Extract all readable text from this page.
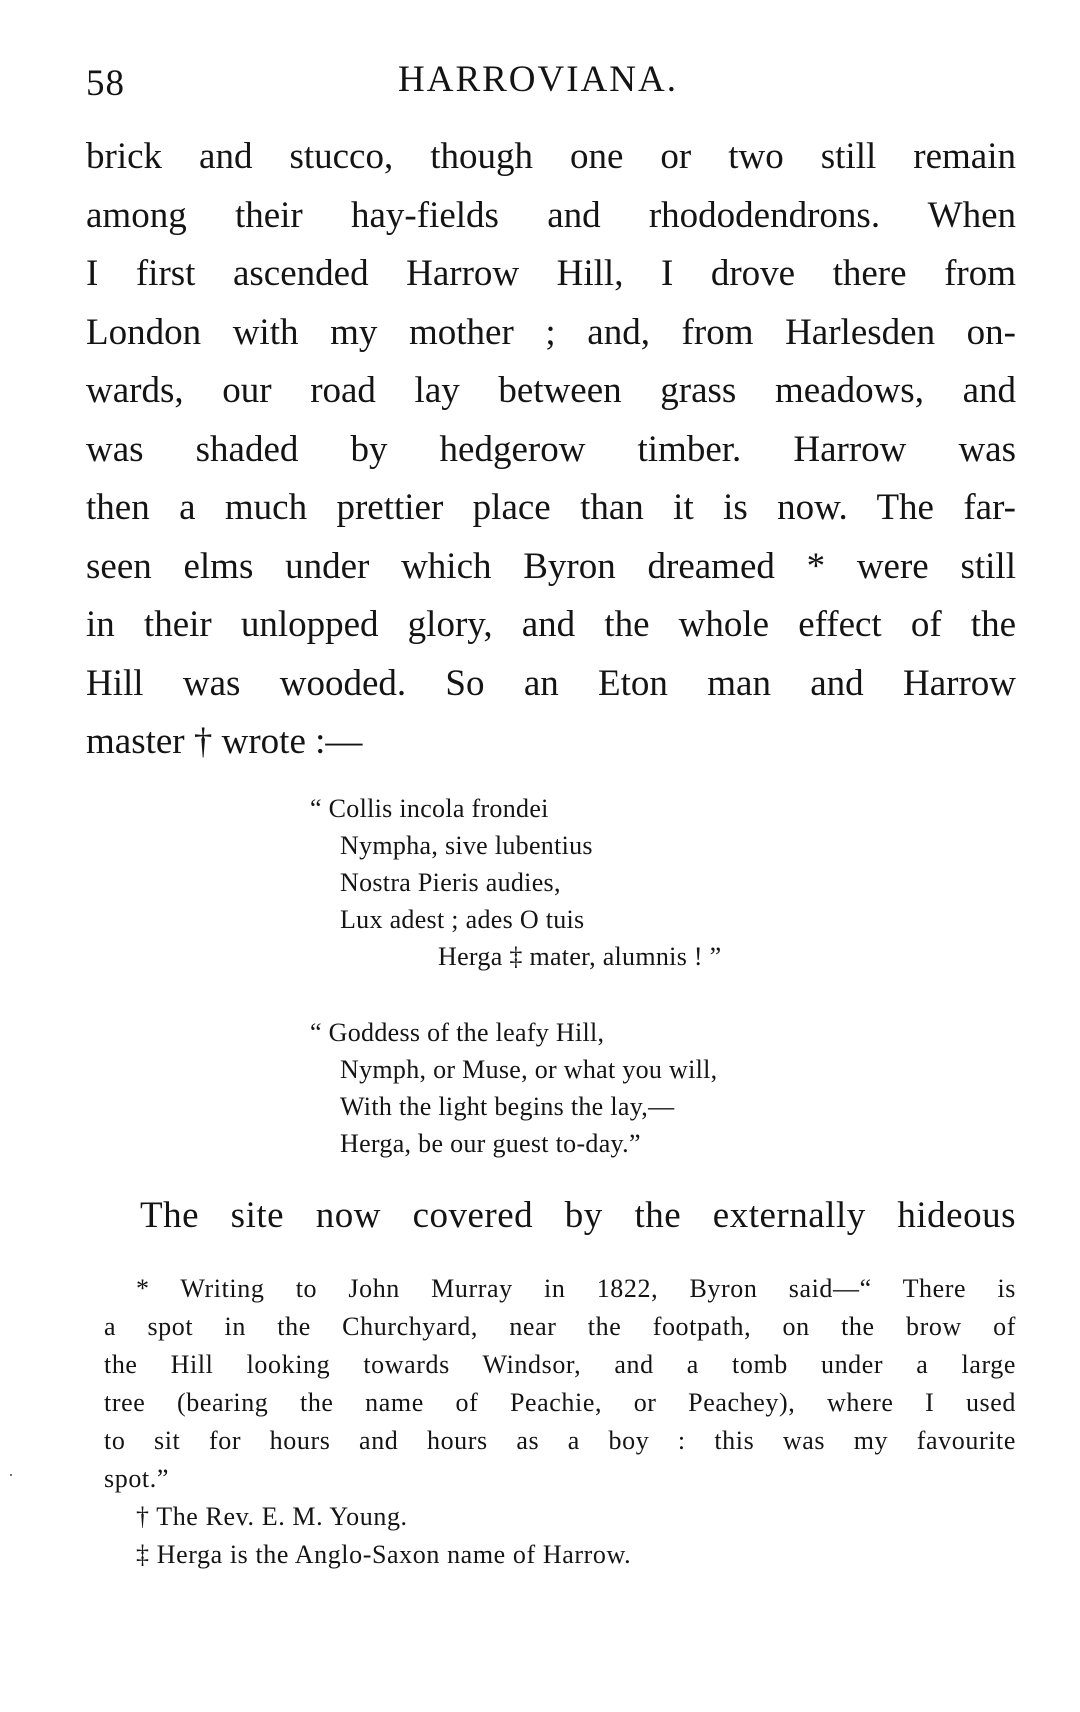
58	HARROVIANA.
brick and stucco, though one or two still remain
among their hay-fields and rhododendrons. When
I first ascended Harrow Hill, I drove there from
London with my mother ; and, from Harlesden on-
wards, our road lay between grass meadows, and
was shaded by hedgerow timber. Harrow was
then a much prettier place than it is now. The far-
seen elms under which Byron dreamed * were still
in their unlopped glory, and the whole effect of the
Hill was wooded. So an Eton man and Harrow
master † wrote :—
“ Collis incola frondei
Nympha, sive lubentius
Nostra Pieris audies,
Lux adest ; ades O tuis
Herga ‡ mater, alumnis ! ”
“ Goddess of the leafy Hill,
Nymph, or Muse, or what you will,
With the light begins the lay,—
Herga, be our guest to-day.”
The site now covered by the externally hideous
* Writing to John Murray in 1822, Byron said—“ There is
a spot in the Churchyard, near the footpath, on the brow of
the Hill looking towards Windsor, and a tomb under a large
tree (bearing the name of Peachie, or Peachey), where I used
to sit for hours and hours as a boy : this was my favourite
spot.”
† The Rev. E. M. Young.
‡ Herga is the Anglo-Saxon name of Harrow.
